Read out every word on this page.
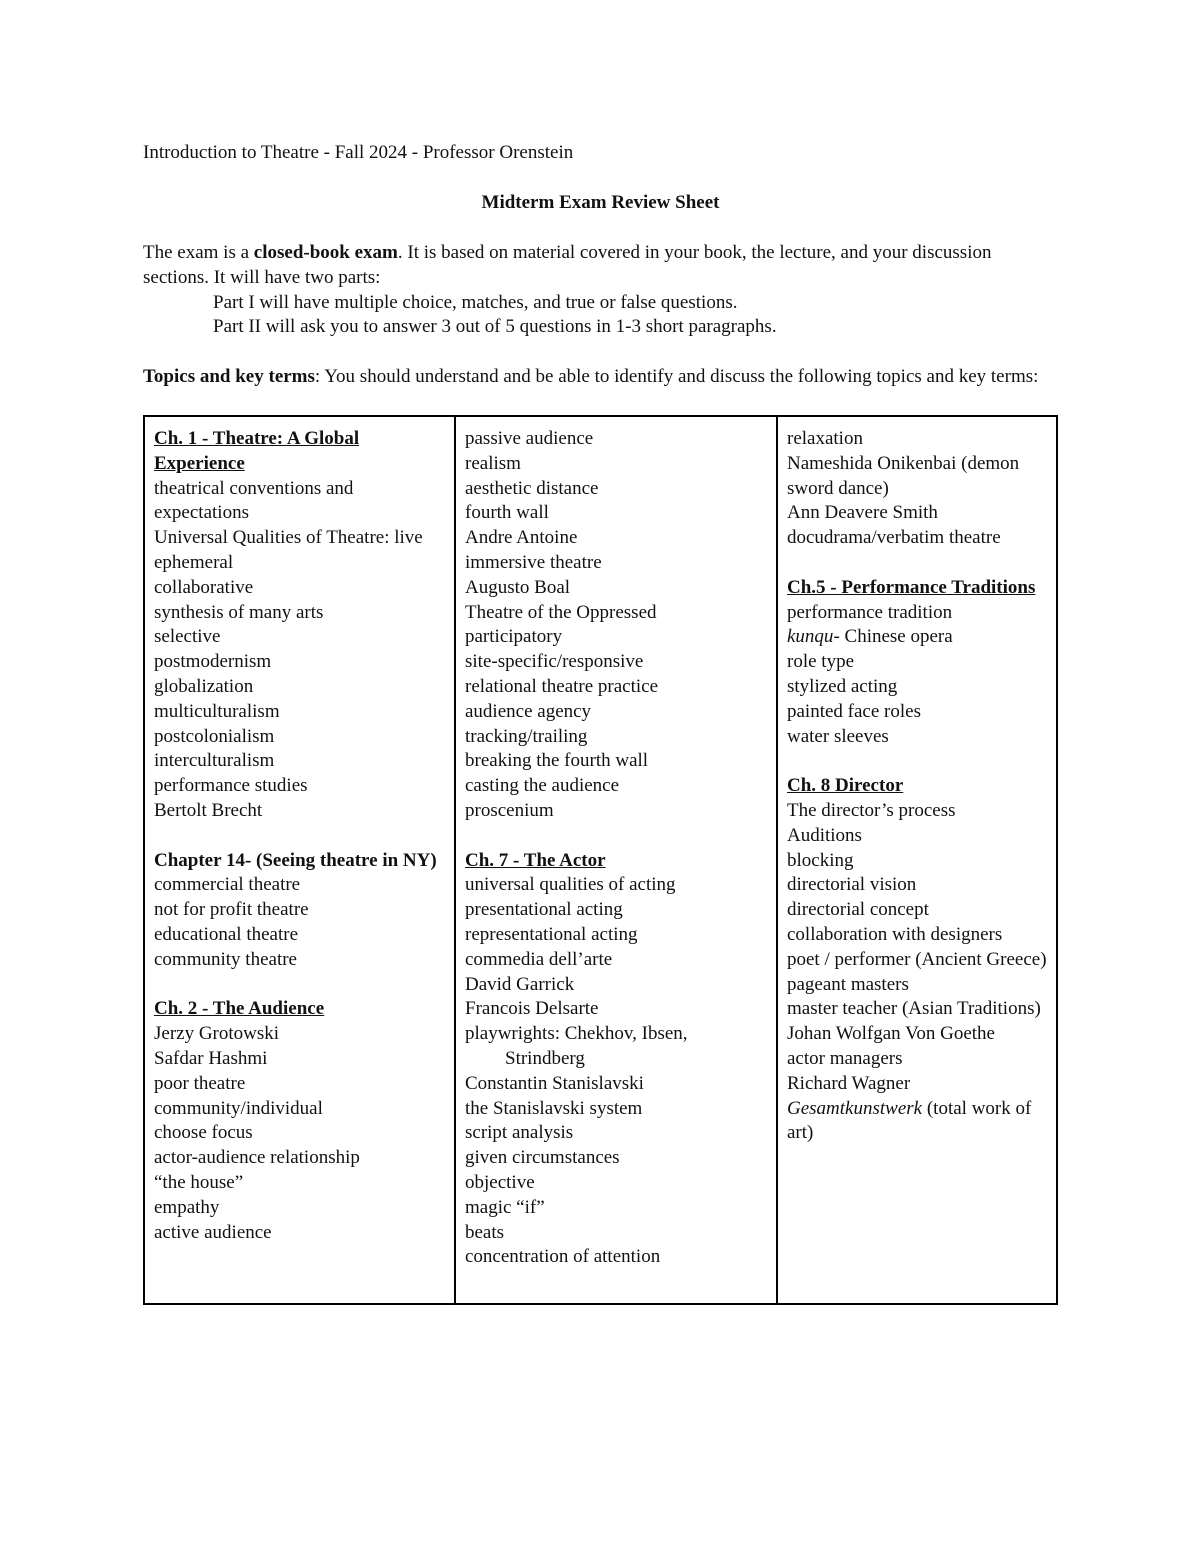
Introduction to Theatre - Fall 2024 - Professor Orenstein
Midterm Exam Review Sheet

The exam is a closed-book exam. It is based on material covered in your book, the lecture, and your discussion sections. It will have two parts:

Part I will have multiple choice, matches, and true or false questions.

Part II will ask you to answer 3 out of 5 questions in 1-3 short paragraphs.

Topics and key terms: You should understand and be able to identify and discuss the following topics and key terms:

Ch. 1 - Theatre: A Global Experience
theatrical conventions and expectations
Universal Qualities of Theatre: live
ephemeral
collaborative
synthesis of many arts
selective
postmodernism
globalization
multiculturalism
postcolonialism
interculturalism
performance studies
Bertolt Brecht
Chapter 14- (Seeing theatre in NY)
commercial theatre
not for profit theatre
educational theatre
community theatre
Ch. 2 - The Audience
Jerzy Grotowski
Safdar Hashmi
poor theatre
community/individual
choose focus
actor-audience relationship
“the house”
empathy
active audience
passive audience
realism
aesthetic distance
fourth wall
Andre Antoine
immersive theatre
Augusto Boal
Theatre of the Oppressed
participatory
site-specific/responsive
relational theatre practice
audience agency
tracking/trailing
breaking the fourth wall
casting the audience
proscenium
Ch. 7 - The Actor
universal qualities of acting
presentational acting
representational acting
commedia dell’arte
David Garrick
Francois Delsarte
playwrights: Chekhov, Ibsen,
Strindberg
Constantin Stanislavski
the Stanislavski system
script analysis
given circumstances
objective
magic “if”
beats
concentration of attention
relaxation
Nameshida Onikenbai (demon sword dance)
Ann Deavere Smith
docudrama/verbatim theatre
Ch.5 - Performance Traditions
performance tradition
kunqu- Chinese opera
role type
stylized acting
painted face roles
water sleeves
Ch. 8 Director
The director’s process
Auditions
blocking
directorial vision
directorial concept
collaboration with designers
poet / performer (Ancient Greece)
pageant masters
master teacher (Asian Traditions)
Johan Wolfgan Von Goethe
actor managers
Richard Wagner
Gesamtkunstwerk (total work of art)
